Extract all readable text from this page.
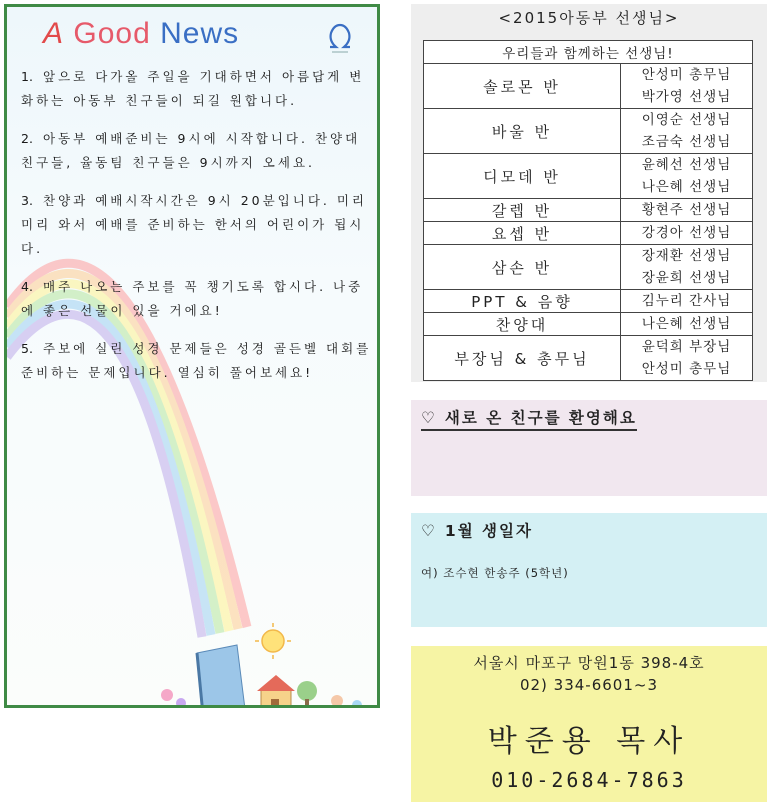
A Good News
1. 앞으로 다가올 주일을 기대하면서 아름답게 변화하는 아동부 친구들이 되길 원합니다.
2. 아동부 예배준비는 9시에 시작합니다. 찬양대 친구들, 율동팀 친구들은 9시까지 오세요.
3. 찬양과 예배시작시간은 9시 20분입니다. 미리미리 와서 예배를 준비하는 한서의 어린이가 됩시다.
4. 매주 나오는 주보를 꼭 챙기도록 합시다. 나중에 좋은 선물이 있을 거에요!
5. 주보에 실린 성경 문제들은 성경 골든벨 대회를 준비하는 문제입니다. 열심히 풀어보세요!
<2015아동부 선생님>
우리들과 함께하는 선생님!	
솔로몬 반	안성미 총무님
박가영 선생님

바울 반	이영순 선생님
조금숙 선생님

디모데 반	윤혜선 선생님
나은혜 선생님

갈렙 반	황현주 선생님

요셉 반	강경아 선생님

삼손 반	장재환 선생님
장윤희 선생님

PPT & 음향	김누리 간사님

찬양대	나은혜 선생님

부장님 & 총무님	윤덕희 부장님
안성미 총무님
♡ 새로 온 친구를 환영해요
♡ 1월 생일자
여) 조수현 한송주 (5학년)
서울시 마포구 망원1동 398-4호
02) 334-6601~3
박준용 목사
010-2684-7863
